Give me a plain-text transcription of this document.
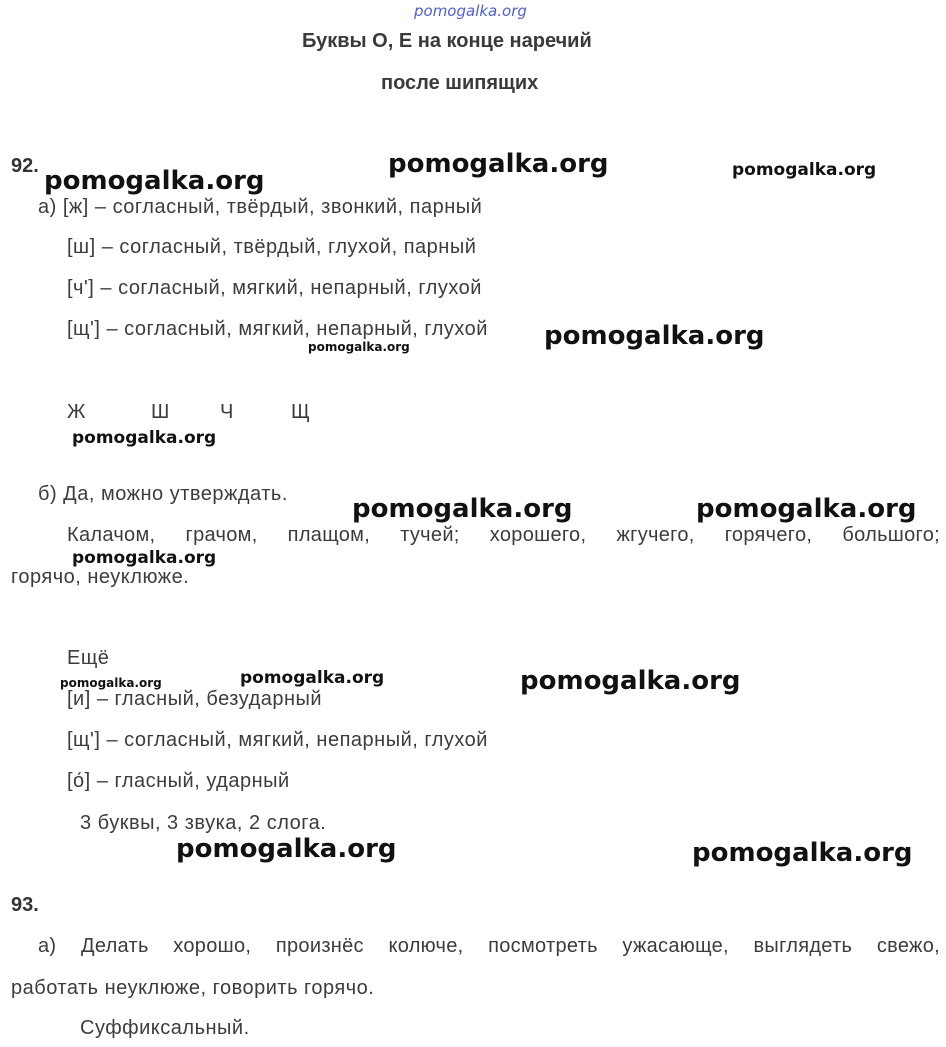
pomogalka.org
Буквы О, Е на конце наречий
после шипящих
92.
а) [ж] – согласный, твёрдый, звонкий, парный
[ш] – согласный, твёрдый, глухой, парный
[ч'] – согласный, мягкий, непарный, глухой
[щ'] – согласный, мягкий, непарный, глухой
Ж	Ш	Ч	Щ
б) Да, можно утверждать.
Калачом, грачом, плащом, тучей; хорошего, жгучего, горячего, большого;
горячо, неуклюже.
Ещё
[и] – гласный, безударный
[щ'] – согласный, мягкий, непарный, глухой
[о́] – гласный, ударный
3 буквы, 3 звука, 2 слога.
93.
а) Делать хорошо, произнёс колюче, посмотреть ужасающе, выглядеть свежо,
работать неуклюже, говорить горячо.
Суффиксальный.
pomogalka.org	pomogalka.org
pomogalka.org
pomogalka.org
pomogalka.org
pomogalka.org
pomogalka.org	pomogalka.org
pomogalka.org
pomogalka.org
pomogalka.org	pomogalka.org
pomogalka.org	pomogalka.org
